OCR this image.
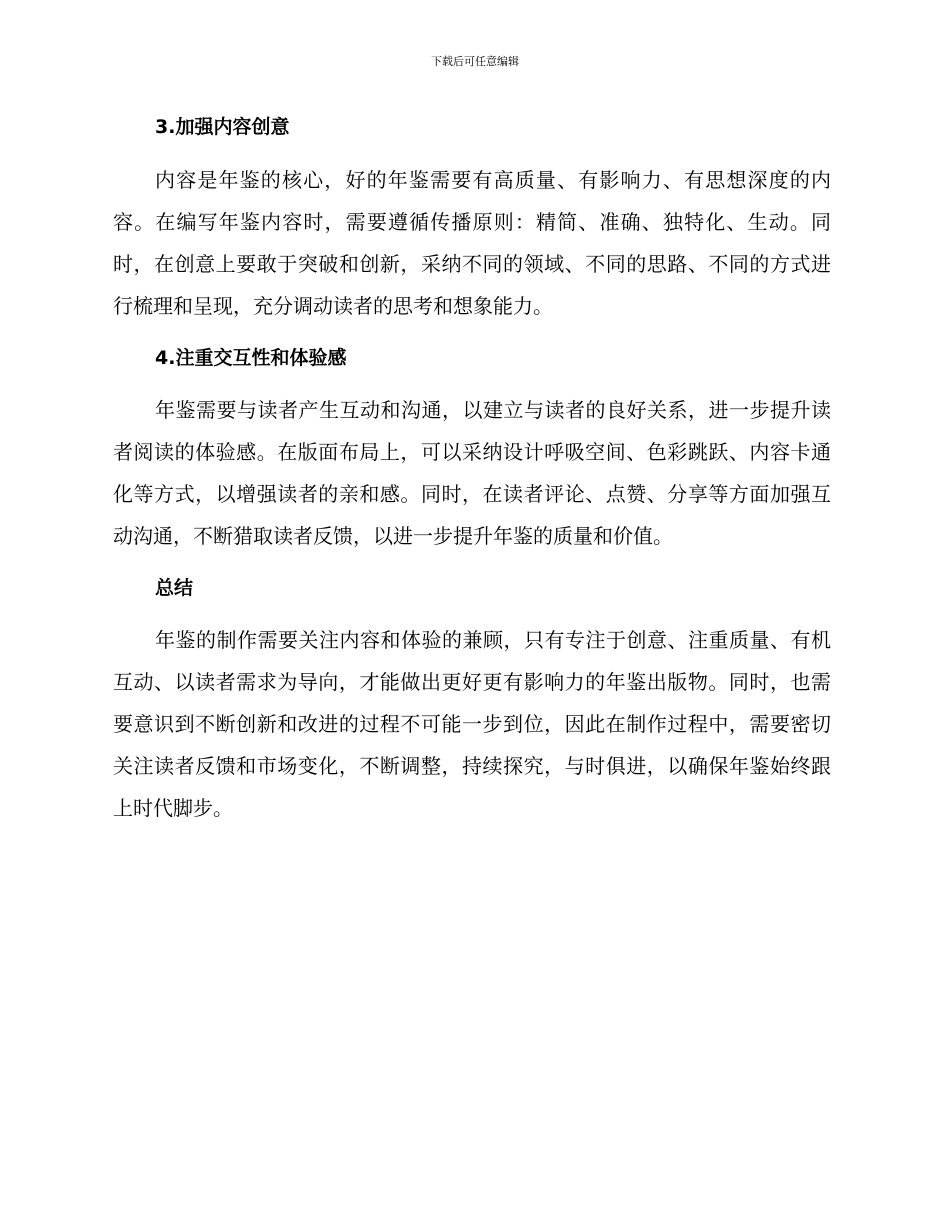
下载后可任意编辑
3.加强内容创意

内容是年鉴的核心，好的年鉴需要有高质量、有影响力、有思想深度的内容。在编写年鉴内容时，需要遵循传播原则：精简、准确、独特化、生动。同时，在创意上要敢于突破和创新，采纳不同的领域、不同的思路、不同的方式进行梳理和呈现，充分调动读者的思考和想象能力。

4.注重交互性和体验感

年鉴需要与读者产生互动和沟通，以建立与读者的良好关系，进一步提升读者阅读的体验感。在版面布局上，可以采纳设计呼吸空间、色彩跳跃、内容卡通化等方式，以增强读者的亲和感。同时，在读者评论、点赞、分享等方面加强互动沟通，不断猎取读者反馈，以进一步提升年鉴的质量和价值。

总结

年鉴的制作需要关注内容和体验的兼顾，只有专注于创意、注重质量、有机互动、以读者需求为导向，才能做出更好更有影响力的年鉴出版物。同时，也需要意识到不断创新和改进的过程不可能一步到位，因此在制作过程中，需要密切关注读者反馈和市场变化，不断调整，持续探究，与时俱进，以确保年鉴始终跟上时代脚步。
